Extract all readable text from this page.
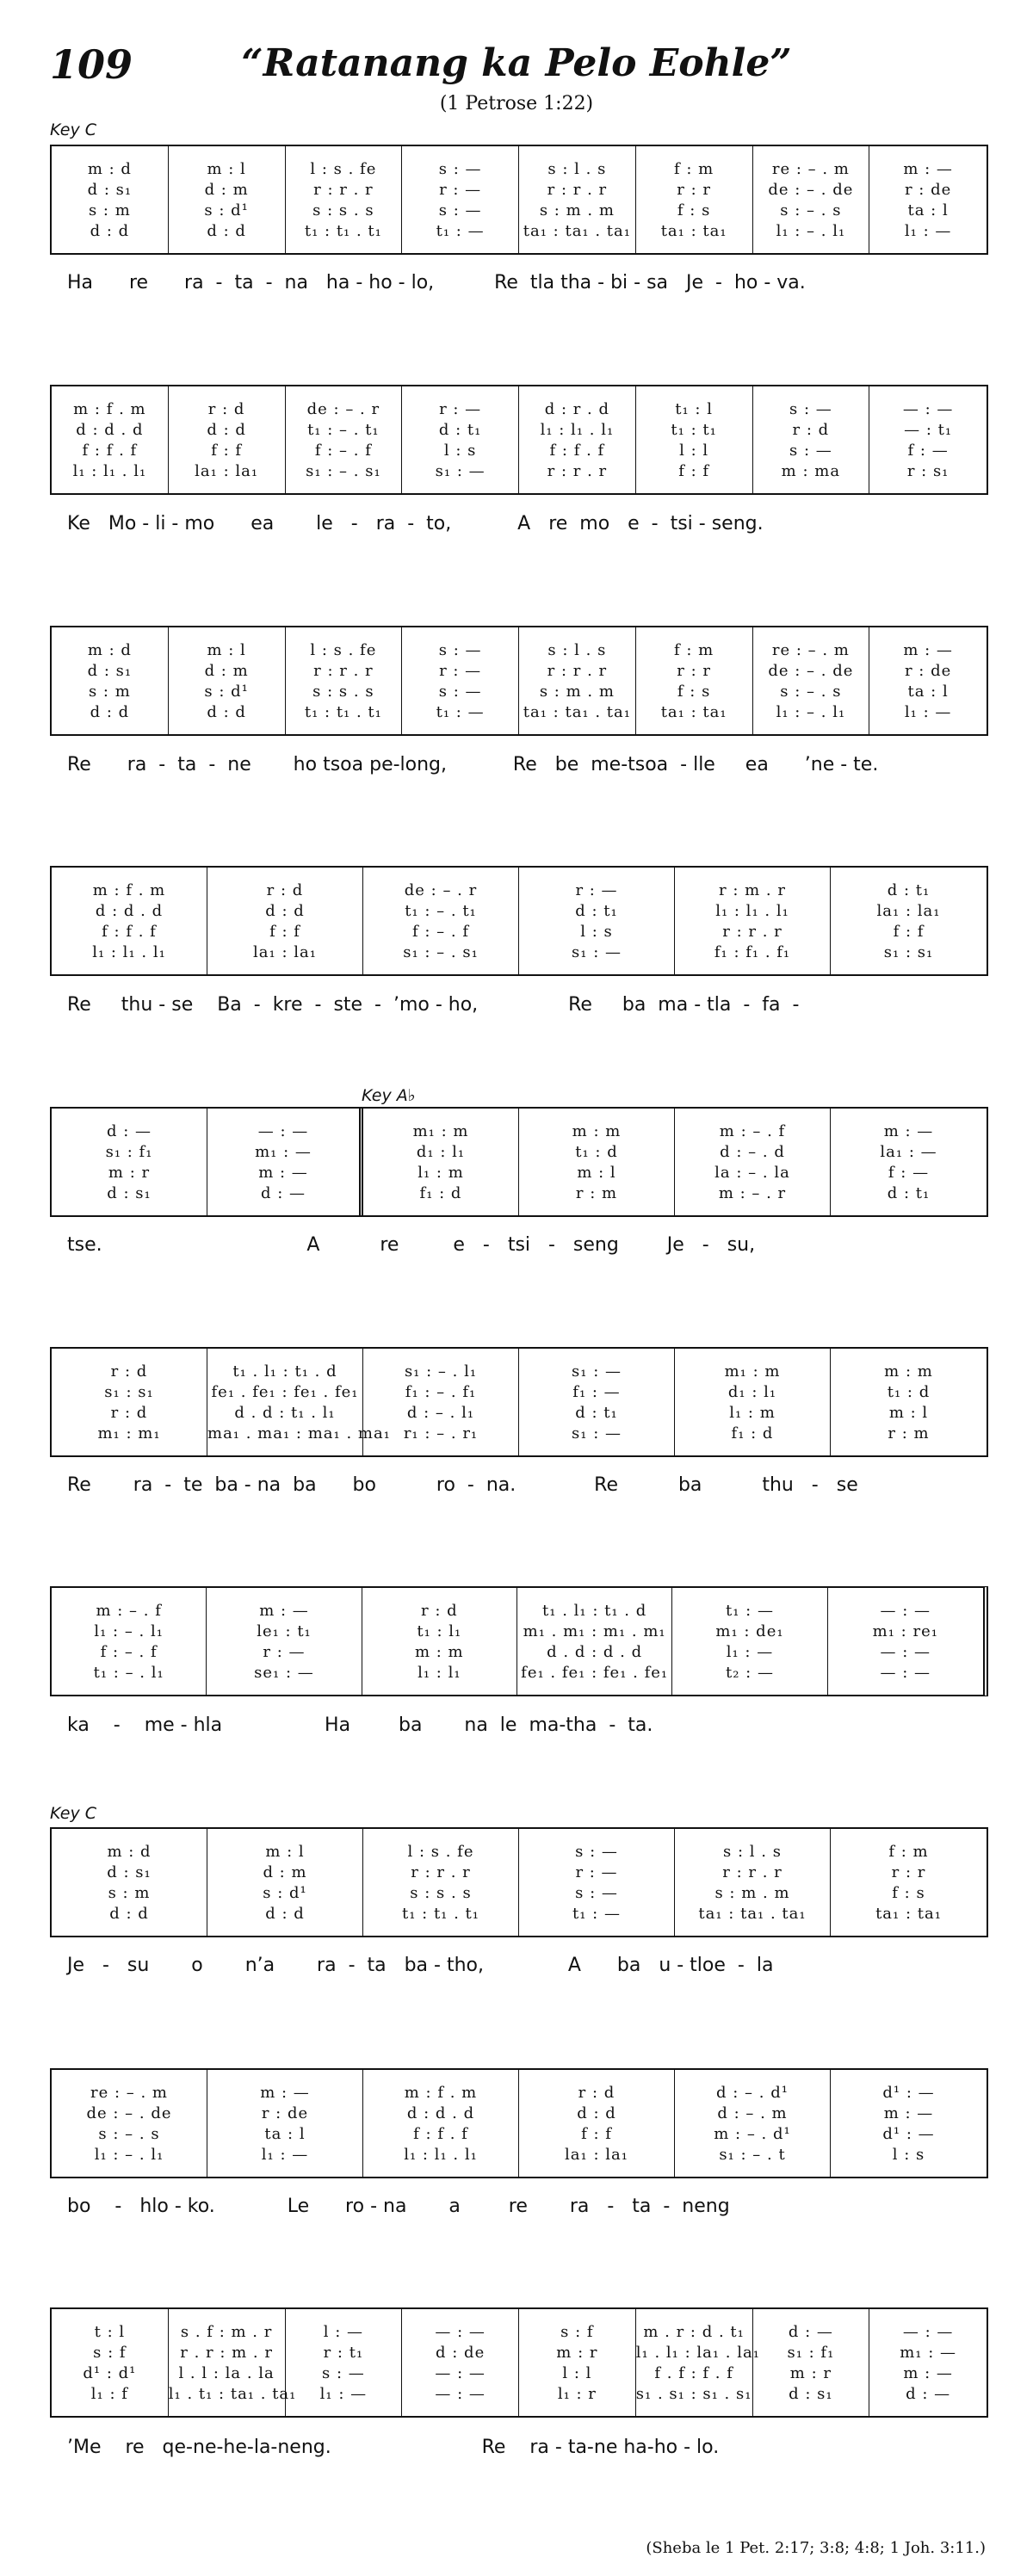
109	“Ratanang ka Pelo Eohle”
(1 Petrose 1:22)
Key C
Key A♭
Key C
m : d
d : s₁
s : m
d : d
m : l
d : m
s : d¹
d : d
l : s . fe
r : r . r
s : s . s
t₁ : t₁ . t₁
s : —
r : —
s : —
t₁ : —
s : l . s
r : r . r
s : m . m
ta₁ : ta₁ . ta₁
f : m
r : r
f : s
ta₁ : ta₁
re : – . m
de : – . de
s : – . s
l₁ : – . l₁
m : —
r : de
ta : l
l₁ : —
Ha      re      ra  -  ta  -  na   ha - ho - lo,          Re  tla tha - bi - sa   Je  -  ho - va.
m : f . m
d : d . d
f : f . f
l₁ : l₁ . l₁
r : d
d : d
f : f
la₁ : la₁
de : – . r
t₁ : – . t₁
f : – . f
s₁ : – . s₁
r : —
d : t₁
l : s
s₁ : —
d : r . d
l₁ : l₁ . l₁
f : f . f
r : r . r
t₁ : l
t₁ : t₁
l : l
f : f
s : —
r : d
s : —
m : ma
— : —
— : t₁
f : —
r : s₁
Ke   Mo - li - mo      ea       le   -   ra  -  to,           A   re  mo   e  -  tsi - seng.
m : d
d : s₁
s : m
d : d
m : l
d : m
s : d¹
d : d
l : s . fe
r : r . r
s : s . s
t₁ : t₁ . t₁
s : —
r : —
s : —
t₁ : —
s : l . s
r : r . r
s : m . m
ta₁ : ta₁ . ta₁
f : m
r : r
f : s
ta₁ : ta₁
re : – . m
de : – . de
s : – . s
l₁ : – . l₁
m : —
r : de
ta : l
l₁ : —
Re      ra  -  ta  -  ne       ho tsoa pe-long,           Re   be  me-tsoa  - lle     ea      ’ne - te.
m : f . m
d : d . d
f : f . f
l₁ : l₁ . l₁
r : d
d : d
f : f
la₁ : la₁
de : – . r
t₁ : – . t₁
f : – . f
s₁ : – . s₁
r : —
d : t₁
l : s
s₁ : —
r : m . r
l₁ : l₁ . l₁
r : r . r
f₁ : f₁ . f₁
d : t₁
la₁ : la₁
f : f
s₁ : s₁
Re     thu - se    Ba  -  kre  -  ste  -  ’mo - ho,               Re     ba  ma - tla  -  fa  -
d : —
s₁ : f₁
m : r
d : s₁
— : —
m₁ : —
m : —
d : —
m₁ : m
d₁ : l₁
l₁ : m
f₁ : d
m : m
t₁ : d
m : l
r : m
m : – . f
d : – . d
la : – . la
m : – . r
m : —
la₁ : —
f : —
d : t₁
tse.                                  A          re         e   -   tsi   -   seng        Je   -   su,
r : d
s₁ : s₁
r : d
m₁ : m₁
t₁ . l₁ : t₁ . d
fe₁ . fe₁ : fe₁ . fe₁
d . d : t₁ . l₁
ma₁ . ma₁ : ma₁ . ma₁
s₁ : – . l₁
f₁ : – . f₁
d : – . l₁
r₁ : – . r₁
s₁ : —
f₁ : —
d : t₁
s₁ : —
m₁ : m
d₁ : l₁
l₁ : m
f₁ : d
m : m
t₁ : d
m : l
r : m
Re       ra  -  te  ba - na  ba      bo          ro  -  na.             Re          ba          thu   -   se
m : – . f
l₁ : – . l₁
f : – . f
t₁ : – . l₁
m : —
le₁ : t₁
r : —
se₁ : —
r : d
t₁ : l₁
m : m
l₁ : l₁
t₁ . l₁ : t₁ . d
m₁ . m₁ : m₁ . m₁
d . d : d . d
fe₁ . fe₁ : fe₁ . fe₁
t₁ : —
m₁ : de₁
l₁ : —
t₂ : —
— : —
m₁ : re₁
— : —
— : —
ka    -    me - hla                 Ha        ba       na  le  ma-tha  -  ta.
m : d
d : s₁
s : m
d : d
m : l
d : m
s : d¹
d : d
l : s . fe
r : r . r
s : s . s
t₁ : t₁ . t₁
s : —
r : —
s : —
t₁ : —
s : l . s
r : r . r
s : m . m
ta₁ : ta₁ . ta₁
f : m
r : r
f : s
ta₁ : ta₁
Je   -   su       o       n’a       ra  -  ta   ba - tho,              A      ba   u - tloe  -  la
re : – . m
de : – . de
s : – . s
l₁ : – . l₁
m : —
r : de
ta : l
l₁ : —
m : f . m
d : d . d
f : f . f
l₁ : l₁ . l₁
r : d
d : d
f : f
la₁ : la₁
d : – . d¹
d : – . m
m : – . d¹
s₁ : – . t
d¹ : —
m : —
d¹ : —
l : s
bo    -   hlo - ko.            Le      ro - na       a        re       ra   -   ta  -  neng
t : l
s : f
d¹ : d¹
l₁ : f
s . f : m . r
r . r : m . r
l . l : la . la
l₁ . t₁ : ta₁ . ta₁
l : —
r : t₁
s : —
l₁ : —
— : —
d : de
— : —
— : —
s : f
m : r
l : l
l₁ : r
m . r : d . t₁
l₁ . l₁ : la₁ . la₁
f . f : f . f
s₁ . s₁ : s₁ . s₁
d : —
s₁ : f₁
m : r
d : s₁
— : —
m₁ : —
m : —
d : —
’Me    re   qe-ne-he-la-neng.                         Re    ra - ta-ne ha-ho - lo.
(Sheba le 1 Pet. 2:17; 3:8; 4:8; 1 Joh. 3:11.)
